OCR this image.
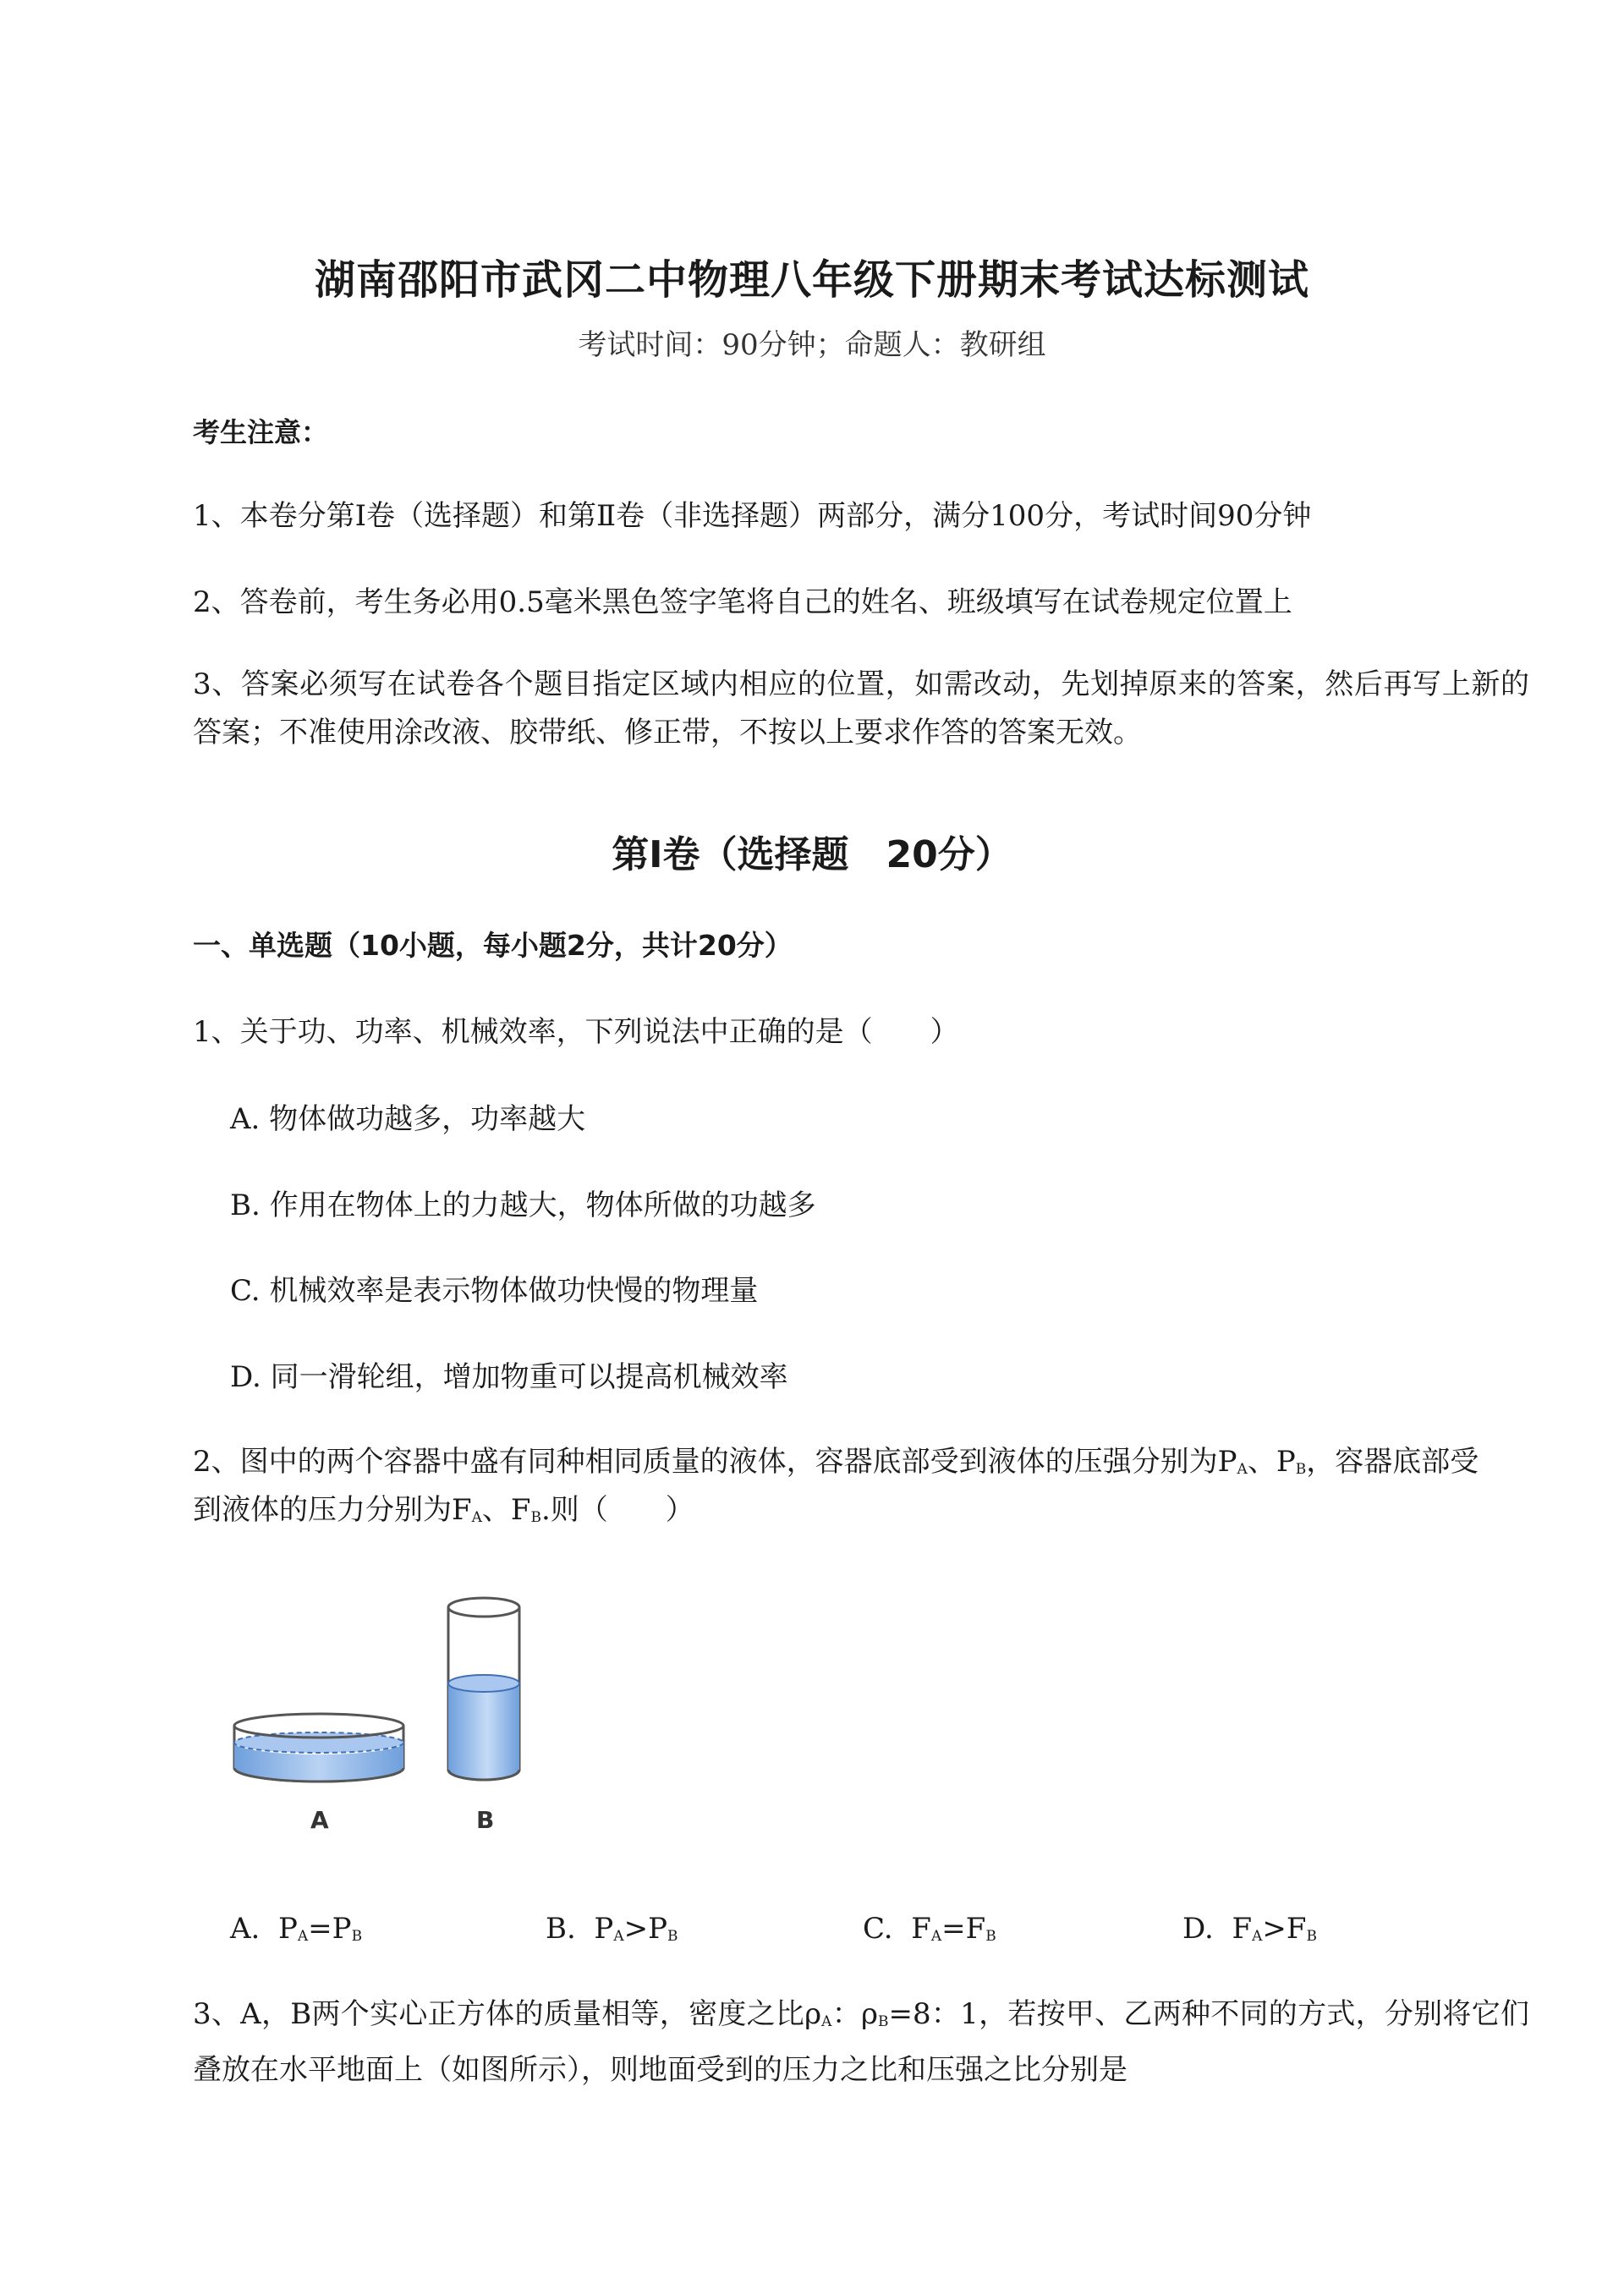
湖南邵阳市武冈二中物理八年级下册期末考试达标测试
考试时间：90分钟；命题人：教研组
考生注意：
1、本卷分第I卷（选择题）和第Ⅱ卷（非选择题）两部分，满分100分，考试时间90分钟
2、答卷前，考生务必用0.5毫米黑色签字笔将自己的姓名、班级填写在试卷规定位置上
3、答案必须写在试卷各个题目指定区域内相应的位置，如需改动，先划掉原来的答案，然后再写上新的答案；不准使用涂改液、胶带纸、修正带，不按以上要求作答的答案无效。
第I卷（选择题　20分）
一、单选题（10小题，每小题2分，共计20分）
1、关于功、功率、机械效率，下列说法中正确的是（　　）
A. 物体做功越多，功率越大
B. 作用在物体上的力越大，物体所做的功越多
C. 机械效率是表示物体做功快慢的物理量
D. 同一滑轮组，增加物重可以提高机械效率
2、图中的两个容器中盛有同种相同质量的液体，容器底部受到液体的压强分别为$P_A$、$P_B$，容器底部受
到液体的压力分别为$F_A$、$F_B$.则（　　）
A	B
A. $P_A=P_B$	B. $P_A>P_B$	C. $F_A=F_B$	D. $F_A>F_B$
3、A，B两个实心正方体的质量相等，密度之比$\rho_A$：$\rho_B=8$：1，若按甲、乙两种不同的方式，分别将它们叠放在水平地面上（如图所示），则地面受到的压力之比和压强之比分别是
